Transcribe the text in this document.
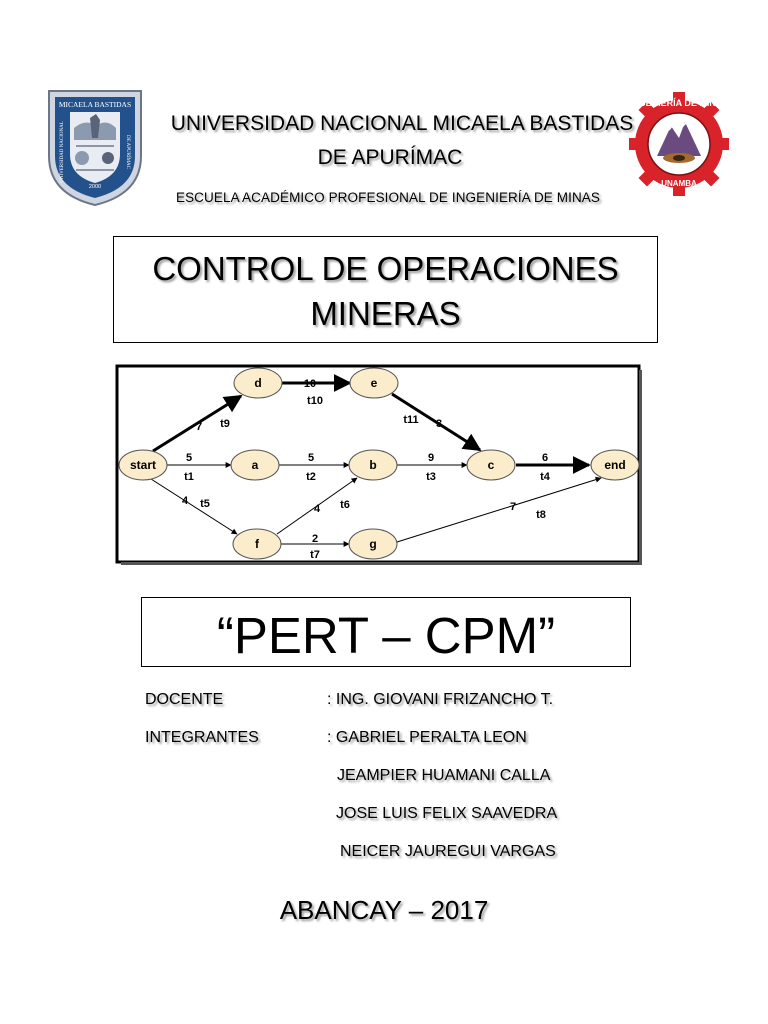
MICAELA BASTIDAS
2000
UNIVERSIDAD NACIONAL	DE APURÍMAC
INGENIERÍA DE MINAS
UNAMBA
UNIVERSIDAD NACIONAL MICAELA BASTIDAS
DE APURÍMAC
ESCUELA ACADÉMICO PROFESIONAL DE INGENIERÍA DE MINAS
CONTROL DE OPERACIONES
MINERAS
start
d	e
a	b	c	end
f	g
7 t9
10
t10
t11 3
5
t1
5
t2
9
t3
6
t4
4 t5	4 t6
2
t7
7
t8
“PERT – CPM”
DOCENTE	: ING. GIOVANI FRIZANCHO T.
INTEGRANTES	: GABRIEL PERALTA LEON
JEAMPIER HUAMANI CALLA
JOSE LUIS FELIX SAAVEDRA
NEICER JAUREGUI VARGAS
ABANCAY – 2017
